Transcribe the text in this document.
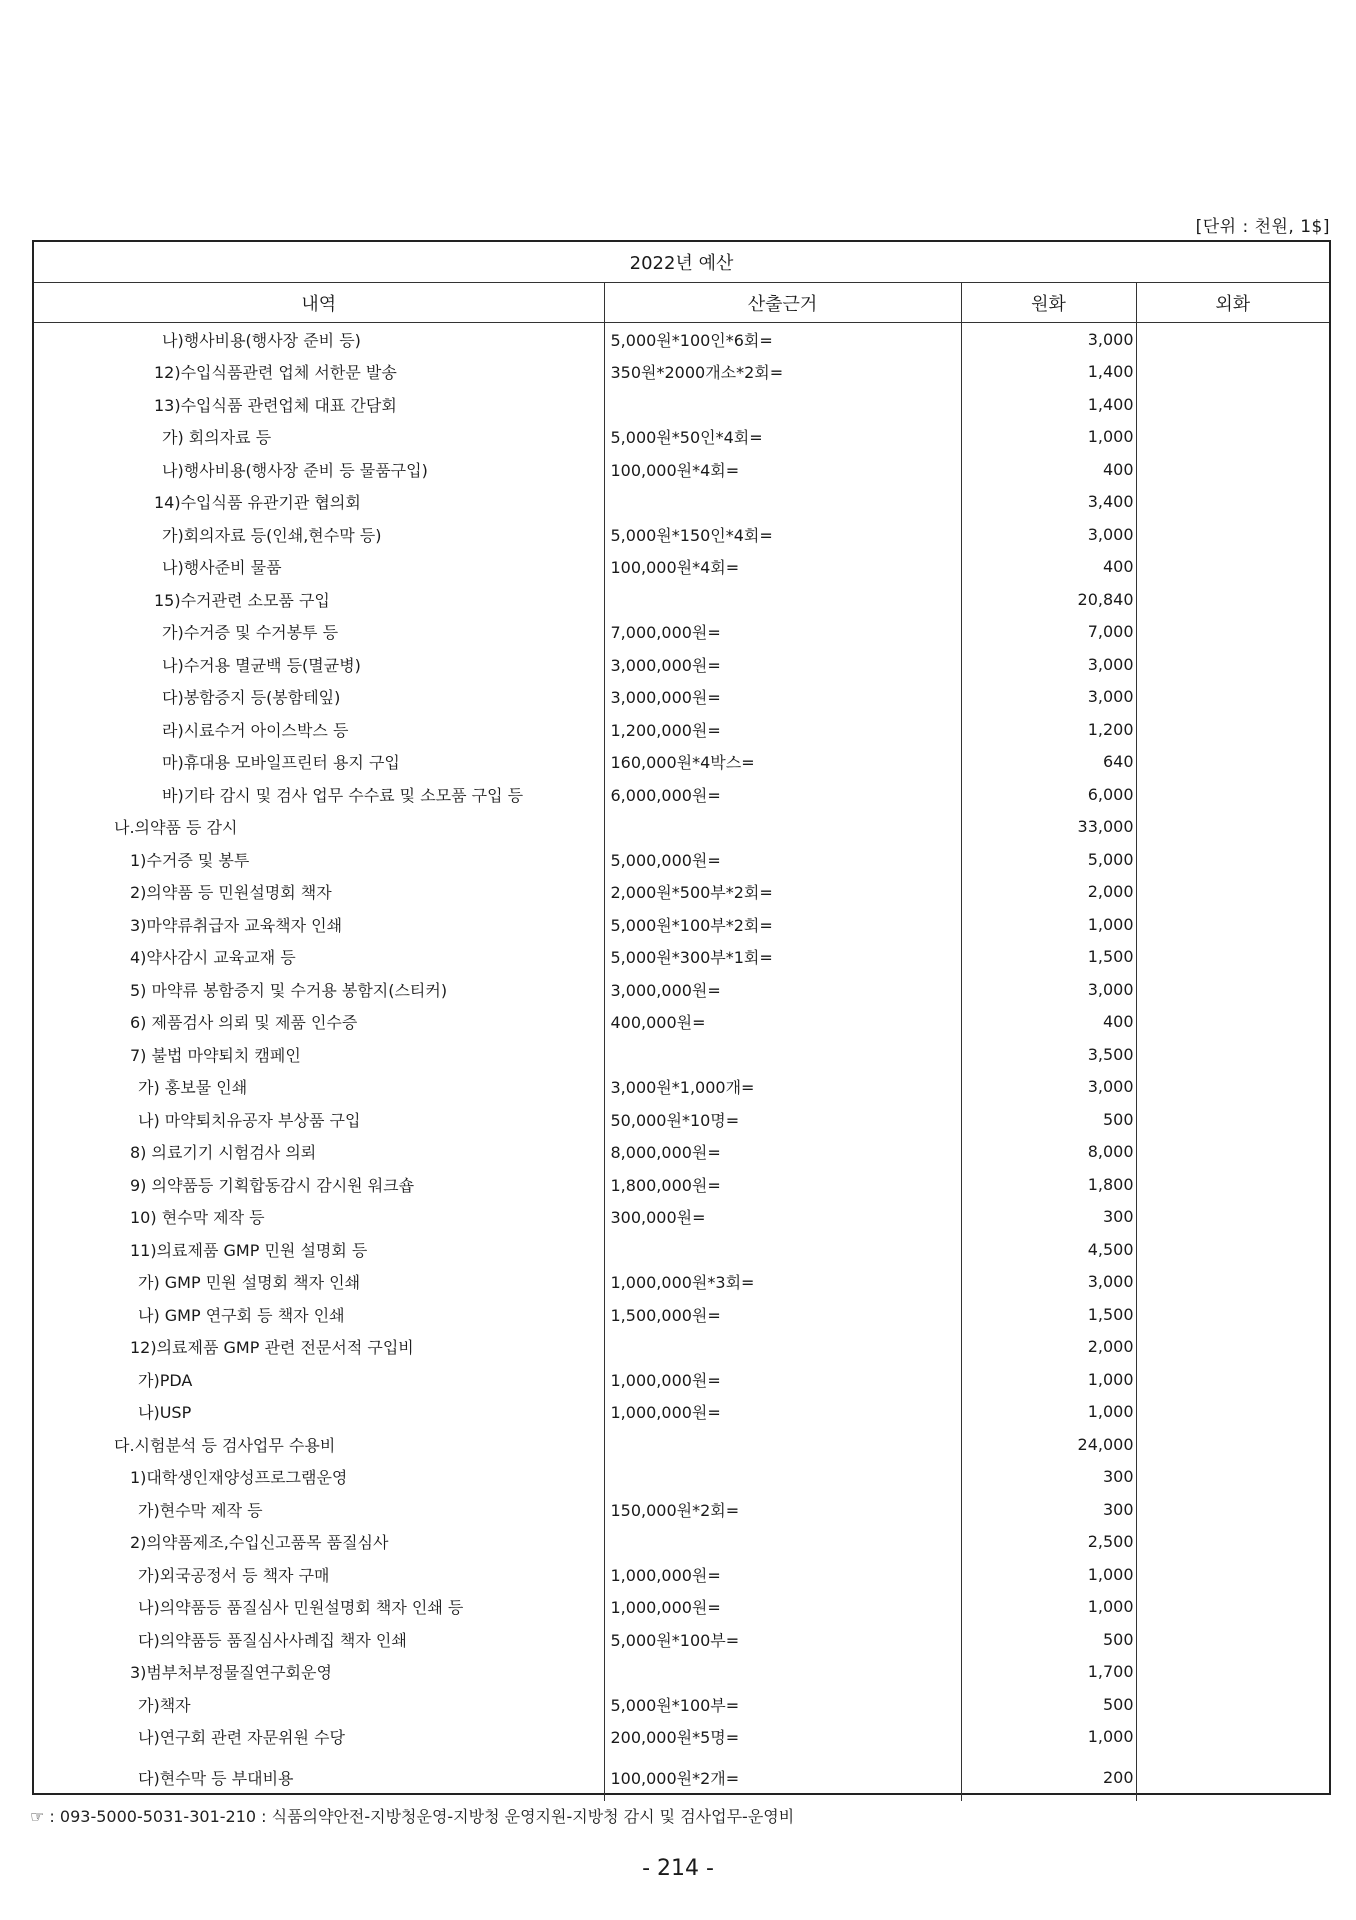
[단위 : 천원, 1$]
2022년 예산			
내역	산출근거	원화	외화
나)행사비용(행사장 준비 등)	5,000원*100인*6회=	3,000	
12)수입식품관련 업체 서한문 발송	350원*2000개소*2회=	1,400	
13)수입식품 관련업체 대표 간담회		1,400	
가) 회의자료 등	5,000원*50인*4회=	1,000	
나)행사비용(행사장 준비 등 물품구입)	100,000원*4회=	400	
14)수입식품 유관기관 협의회		3,400	
가)회의자료 등(인쇄,현수막 등)	5,000원*150인*4회=	3,000	
나)행사준비 물품	100,000원*4회=	400	
15)수거관련 소모품 구입		20,840	
가)수거증 및 수거봉투 등	7,000,000원=	7,000	
나)수거용 멸균백 등(멸균병)	3,000,000원=	3,000	
다)봉함증지 등(봉함테잎)	3,000,000원=	3,000	
라)시료수거 아이스박스 등	1,200,000원=	1,200	
마)휴대용 모바일프린터 용지 구입	160,000원*4박스=	640	
바)기타 감시 및 검사 업무 수수료 및 소모품 구입 등	6,000,000원=	6,000	
나.의약품 등 감시		33,000	
1)수거증 및 봉투	5,000,000원=	5,000	
2)의약품 등 민원설명회 책자	2,000원*500부*2회=	2,000	
3)마약류취급자 교육책자 인쇄	5,000원*100부*2회=	1,000	
4)약사감시 교육교재 등	5,000원*300부*1회=	1,500	
5) 마약류 봉함증지 및 수거용 봉함지(스티커)	3,000,000원=	3,000	
6) 제품검사 의뢰 및 제품 인수증	400,000원=	400	
7) 불법 마약퇴치 캠페인		3,500	
가) 홍보물 인쇄	3,000원*1,000개=	3,000	
나) 마약퇴치유공자 부상품 구입	50,000원*10명=	500	
8) 의료기기 시험검사 의뢰	8,000,000원=	8,000	
9) 의약품등 기획합동감시 감시원 워크숍	1,800,000원=	1,800	
10) 현수막 제작 등	300,000원=	300	
11)의료제품 GMP 민원 설명회 등		4,500	
가) GMP 민원 설명회 책자 인쇄	1,000,000원*3회=	3,000	
나) GMP 연구회 등 책자 인쇄	1,500,000원=	1,500	
12)의료제품 GMP 관련 전문서적 구입비		2,000	
가)PDA	1,000,000원=	1,000	
나)USP	1,000,000원=	1,000	
다.시험분석 등 검사업무 수용비		24,000	
1)대학생인재양성프로그램운영		300	
가)현수막 제작 등	150,000원*2회=	300	
2)의약품제조,수입신고품목 품질심사		2,500	
가)외국공정서 등 책자 구매	1,000,000원=	1,000	
나)의약품등 품질심사 민원설명회 책자 인쇄 등	1,000,000원=	1,000	
다)의약품등 품질심사사례집 책자 인쇄	5,000원*100부=	500	
3)범부처부정물질연구회운영		1,700	
가)책자	5,000원*100부=	500	
나)연구회 관련 자문위원 수당	200,000원*5명=	1,000	
다)현수막 등 부대비용	100,000원*2개=	200	
☞ : 093-5000-5031-301-210 : 식품의약안전-지방청운영-지방청 운영지원-지방청 감시 및 검사업무-운영비
- 214 -
